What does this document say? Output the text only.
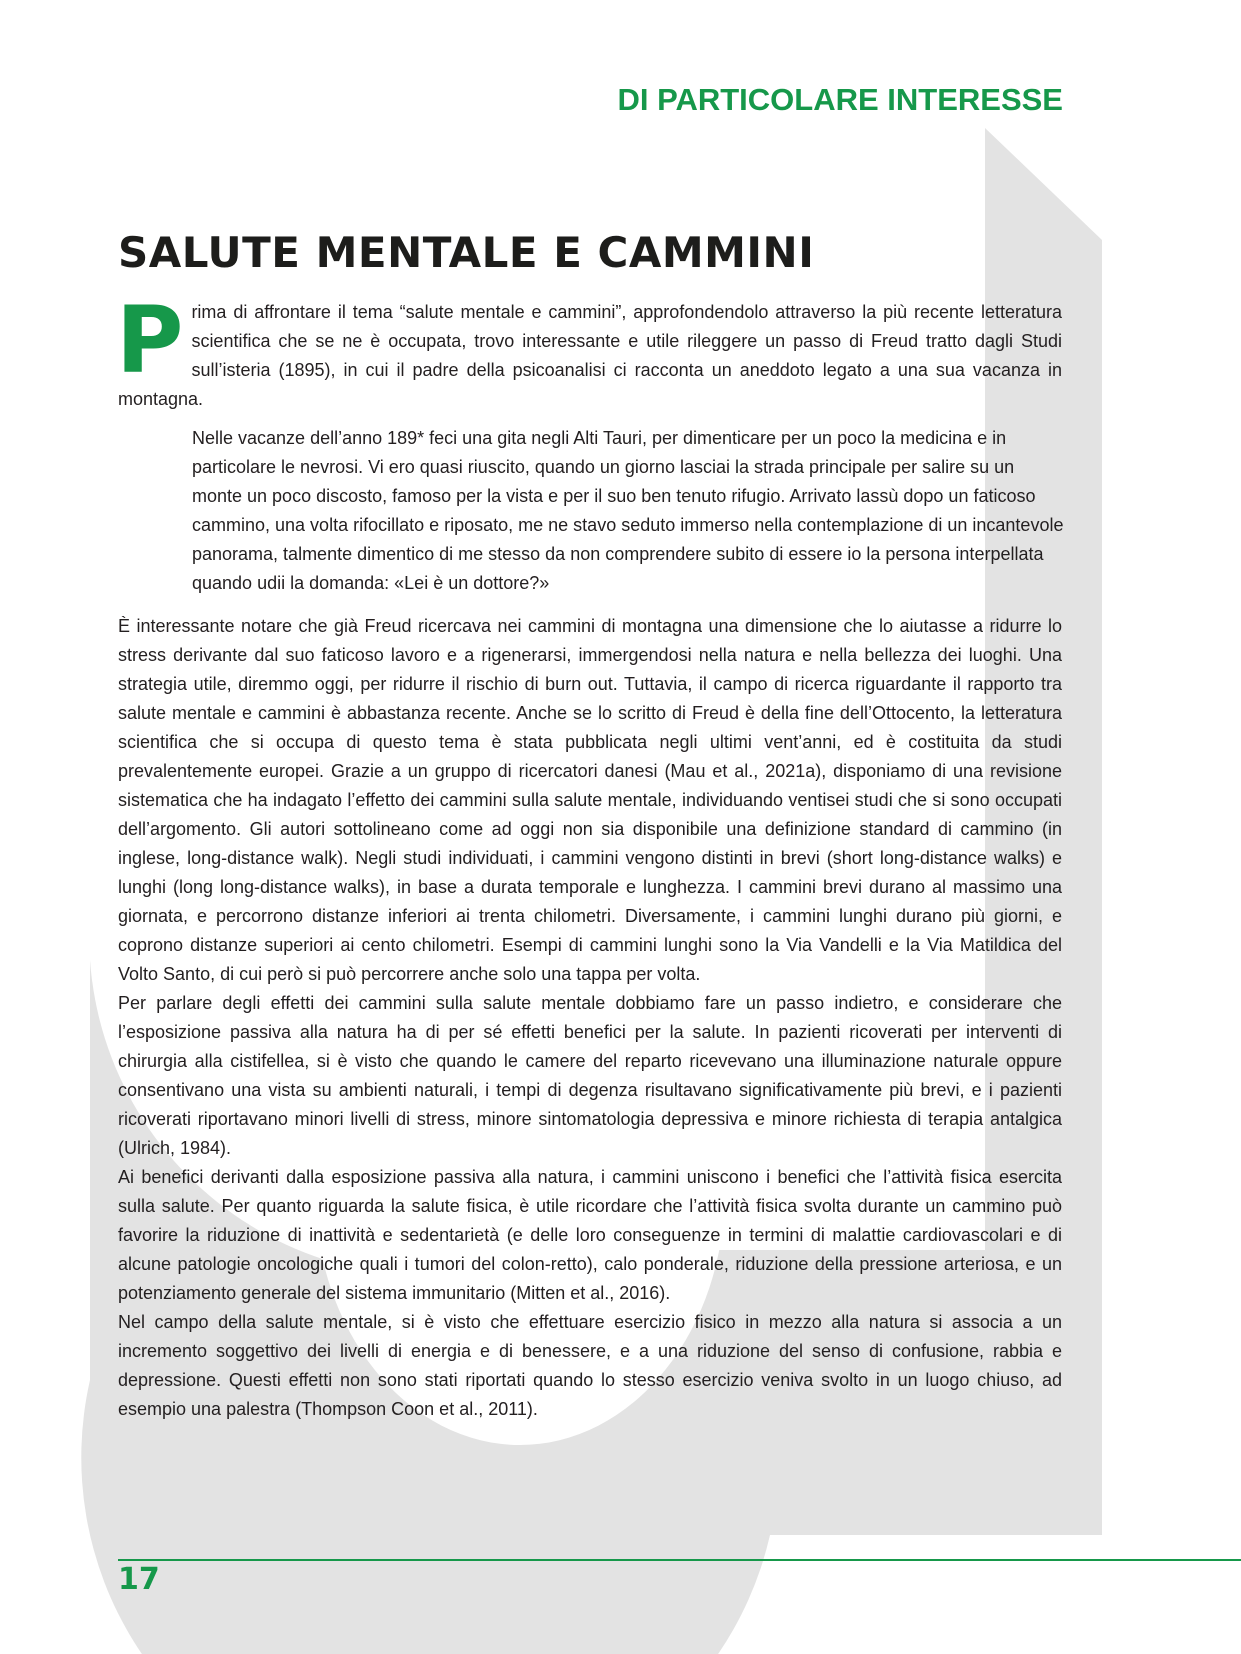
DI PARTICOLARE INTERESSE
SALUTE MENTALE E CAMMINI

Prima di affrontare il tema “salute mentale e cammini”, approfondendolo attraverso la più recente letteratura scientifica che se ne è occupata, trovo interessante e utile rileggere un passo di Freud tratto dagli Studi sull’isteria (1895), in cui il padre della psicoanalisi ci racconta un aneddoto legato a una sua vacanza in montagna.

Nelle vacanze dell’anno 189* feci una gita negli Alti Tauri, per dimenticare per un poco la medicina e in particolare le nevrosi. Vi ero quasi riuscito, quando un giorno lasciai la strada principale per salire su un monte un poco discosto, famoso per la vista e per il suo ben tenuto rifugio. Arrivato lassù dopo un faticoso cammino, una volta rifocillato e riposato, me ne stavo seduto immerso nella contemplazione di un incantevole panorama, talmente dimentico di me stesso da non comprendere subito di essere io la persona interpellata quando udii la domanda: «Lei è un dottore?»

È interessante notare che già Freud ricercava nei cammini di montagna una dimensione che lo aiutasse a ridurre lo stress derivante dal suo faticoso lavoro e a rigenerarsi, immergendosi nella natura e nella bellezza dei luoghi. Una strategia utile, diremmo oggi, per ridurre il rischio di burn out. Tuttavia, il campo di ricerca riguardante il rapporto tra salute mentale e cammini è abbastanza recente. Anche se lo scritto di Freud è della fine dell’Ottocento, la letteratura scientifica che si occupa di questo tema è stata pubblicata negli ultimi vent’anni, ed è costituita da studi prevalentemente europei. Grazie a un gruppo di ricercatori danesi (Mau et al., 2021a), disponiamo di una revisione sistematica che ha indagato l’effetto dei cammini sulla salute mentale, individuando ventisei studi che si sono occupati dell’argomento. Gli autori sottolineano come ad oggi non sia disponibile una definizione standard di cammino (in inglese, long-distance walk). Negli studi individuati, i cammini vengono distinti in brevi (short long-distance walks) e lunghi (long long-distance walks), in base a durata temporale e lunghezza. I cammini brevi durano al massimo una giornata, e percorrono distanze inferiori ai trenta chilometri. Diversamente, i cammini lunghi durano più giorni, e coprono distanze superiori ai cento chilometri. Esempi di cammini lunghi sono la Via Vandelli e la Via Matildica del Volto Santo, di cui però si può percorrere anche solo una tappa per volta.

Per parlare degli effetti dei cammini sulla salute mentale dobbiamo fare un passo indietro, e considerare che l’esposizione passiva alla natura ha di per sé effetti benefici per la salute. In pazienti ricoverati per interventi di chirurgia alla cistifellea, si è visto che quando le camere del reparto ricevevano una illuminazione naturale oppure consentivano una vista su ambienti naturali, i tempi di degenza risultavano significativamente più brevi, e i pazienti ricoverati riportavano minori livelli di stress, minore sintomatologia depressiva e minore richiesta di terapia antalgica (Ulrich, 1984).

Ai benefici derivanti dalla esposizione passiva alla natura, i cammini uniscono i benefici che l’attività fisica esercita sulla salute. Per quanto riguarda la salute fisica, è utile ricordare che l’attività fisica svolta durante un cammino può favorire la riduzione di inattività e sedentarietà (e delle loro conseguenze in termini di malattie cardiovascolari e di alcune patologie oncologiche quali i tumori del colon-retto), calo ponderale, riduzione della pressione arteriosa, e un potenziamento generale del sistema immunitario (Mitten et al., 2016).

Nel campo della salute mentale, si è visto che effettuare esercizio fisico in mezzo alla natura si associa a un incremento soggettivo dei livelli di energia e di benessere, e a una riduzione del senso di confusione, rabbia e depressione. Questi effetti non sono stati riportati quando lo stesso esercizio veniva svolto in un luogo chiuso, ad esempio una palestra (Thompson Coon et al., 2011).

17
